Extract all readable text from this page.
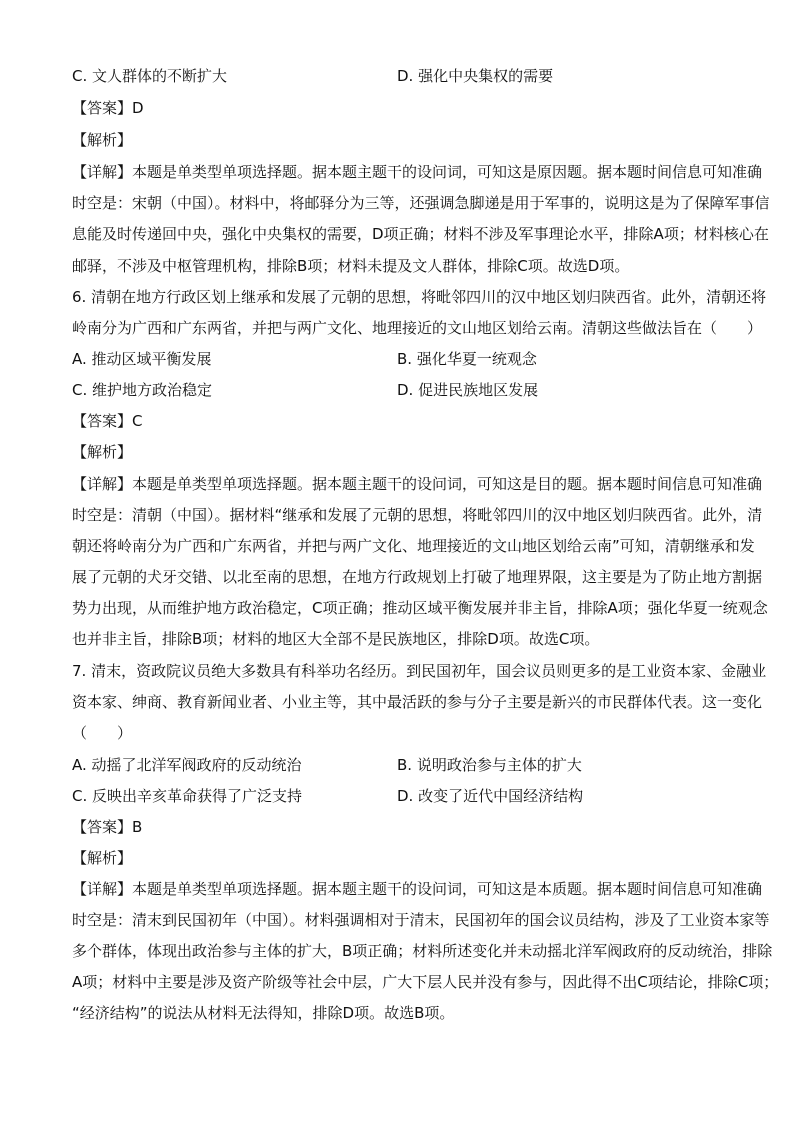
C. 文人群体的不断扩大	D. 强化中央集权的需要
【答案】D
【解析】
【详解】本题是单类型单项选择题。据本题主题干的设问词，可知这是原因题。据本题时间信息可知准确
时空是：宋朝（中国）。材料中，将邮驿分为三等，还强调急脚递是用于军事的，说明这是为了保障军事信
息能及时传递回中央，强化中央集权的需要，D项正确；材料不涉及军事理论水平，排除A项；材料核心在
邮驿，不涉及中枢管理机构，排除B项；材料未提及文人群体，排除C项。故选D项。
6. 清朝在地方行政区划上继承和发展了元朝的思想，将毗邻四川的汉中地区划归陕西省。此外，清朝还将
岭南分为广西和广东两省，并把与两广文化、地理接近的文山地区划给云南。清朝这些做法旨在（　　）
A. 推动区域平衡发展	B. 强化华夏一统观念
C. 维护地方政治稳定	D. 促进民族地区发展
【答案】C
【解析】
【详解】本题是单类型单项选择题。据本题主题干的设问词，可知这是目的题。据本题时间信息可知准确
时空是：清朝（中国）。据材料“继承和发展了元朝的思想，将毗邻四川的汉中地区划归陕西省。此外，清
朝还将岭南分为广西和广东两省，并把与两广文化、地理接近的文山地区划给云南”可知，清朝继承和发
展了元朝的犬牙交错、以北至南的思想，在地方行政规划上打破了地理界限，这主要是为了防止地方割据
势力出现，从而维护地方政治稳定，C项正确；推动区域平衡发展并非主旨，排除A项；强化华夏一统观念
也并非主旨，排除B项；材料的地区大全部不是民族地区，排除D项。故选C项。
7. 清末，资政院议员绝大多数具有科举功名经历。到民国初年，国会议员则更多的是工业资本家、金融业
资本家、绅商、教育新闻业者、小业主等，其中最活跃的参与分子主要是新兴的市民群体代表。这一变化
（　　）
A. 动摇了北洋军阀政府的反动统治	B. 说明政治参与主体的扩大
C. 反映出辛亥革命获得了广泛支持	D. 改变了近代中国经济结构
【答案】B
【解析】
【详解】本题是单类型单项选择题。据本题主题干的设问词，可知这是本质题。据本题时间信息可知准确
时空是：清末到民国初年（中国）。材料强调相对于清末，民国初年的国会议员结构，涉及了工业资本家等
多个群体，体现出政治参与主体的扩大，B项正确；材料所述变化并未动摇北洋军阀政府的反动统治，排除
A项；材料中主要是涉及资产阶级等社会中层，广大下层人民并没有参与，因此得不出C项结论，排除C项；
“经济结构”的说法从材料无法得知，排除D项。故选B项。
